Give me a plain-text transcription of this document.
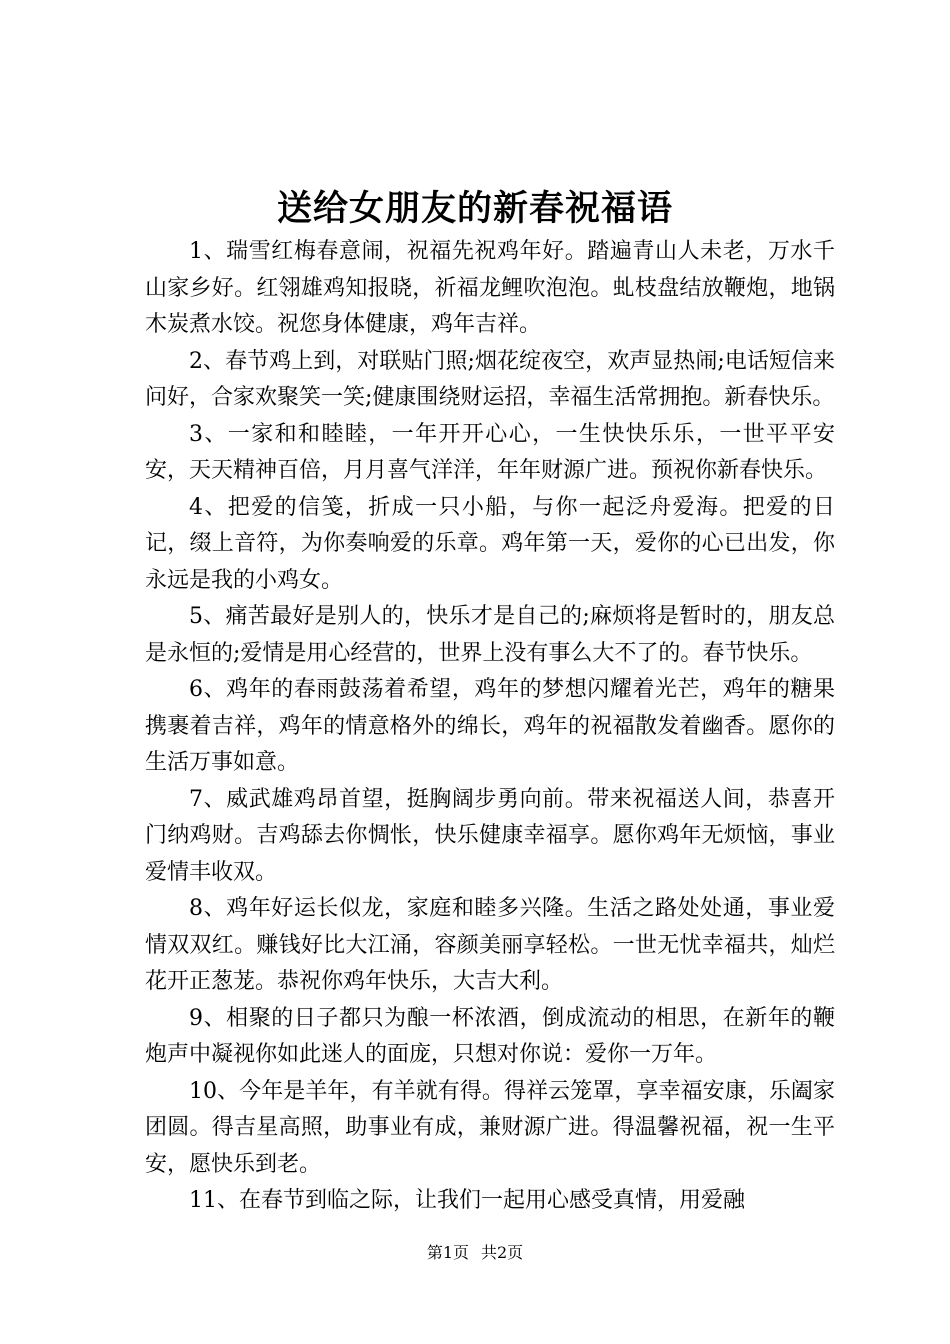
送给女朋友的新春祝福语

1、瑞雪红梅春意闹，祝福先祝鸡年好。踏遍青山人未老，万水千山家乡好。红翎雄鸡知报晓，祈福龙鲤吹泡泡。虬枝盘结放鞭炮，地锅木炭煮水饺。祝您身体健康，鸡年吉祥。

2、春节鸡上到，对联贴门照;烟花绽夜空，欢声显热闹;电话短信来问好，合家欢聚笑一笑;健康围绕财运招，幸福生活常拥抱。新春快乐。

3、一家和和睦睦，一年开开心心，一生快快乐乐，一世平平安安，天天精神百倍，月月喜气洋洋，年年财源广进。预祝你新春快乐。

4、把爱的信笺，折成一只小船，与你一起泛舟爱海。把爱的日记，缀上音符，为你奏响爱的乐章。鸡年第一天，爱你的心已出发，你永远是我的小鸡女。

5、痛苦最好是别人的，快乐才是自己的;麻烦将是暂时的，朋友总是永恒的;爱情是用心经营的，世界上没有事么大不了的。春节快乐。

6、鸡年的春雨鼓荡着希望，鸡年的梦想闪耀着光芒，鸡年的糖果携裹着吉祥，鸡年的情意格外的绵长，鸡年的祝福散发着幽香。愿你的生活万事如意。

7、威武雄鸡昂首望，挺胸阔步勇向前。带来祝福送人间，恭喜开门纳鸡财。吉鸡舔去你惆怅，快乐健康幸福享。愿你鸡年无烦恼，事业爱情丰收双。

8、鸡年好运长似龙，家庭和睦多兴隆。生活之路处处通，事业爱情双双红。赚钱好比大江涌，容颜美丽享轻松。一世无忧幸福共，灿烂花开正葱茏。恭祝你鸡年快乐，大吉大利。

9、相聚的日子都只为酿一杯浓酒，倒成流动的相思，在新年的鞭炮声中凝视你如此迷人的面庞，只想对你说：爱你一万年。

10、今年是羊年，有羊就有得。得祥云笼罩，享幸福安康，乐阖家团圆。得吉星高照，助事业有成，兼财源广进。得温馨祝福，祝一生平安，愿快乐到老。

11、在春节到临之际，让我们一起用心感受真情，用爱融

第1页 共2页
